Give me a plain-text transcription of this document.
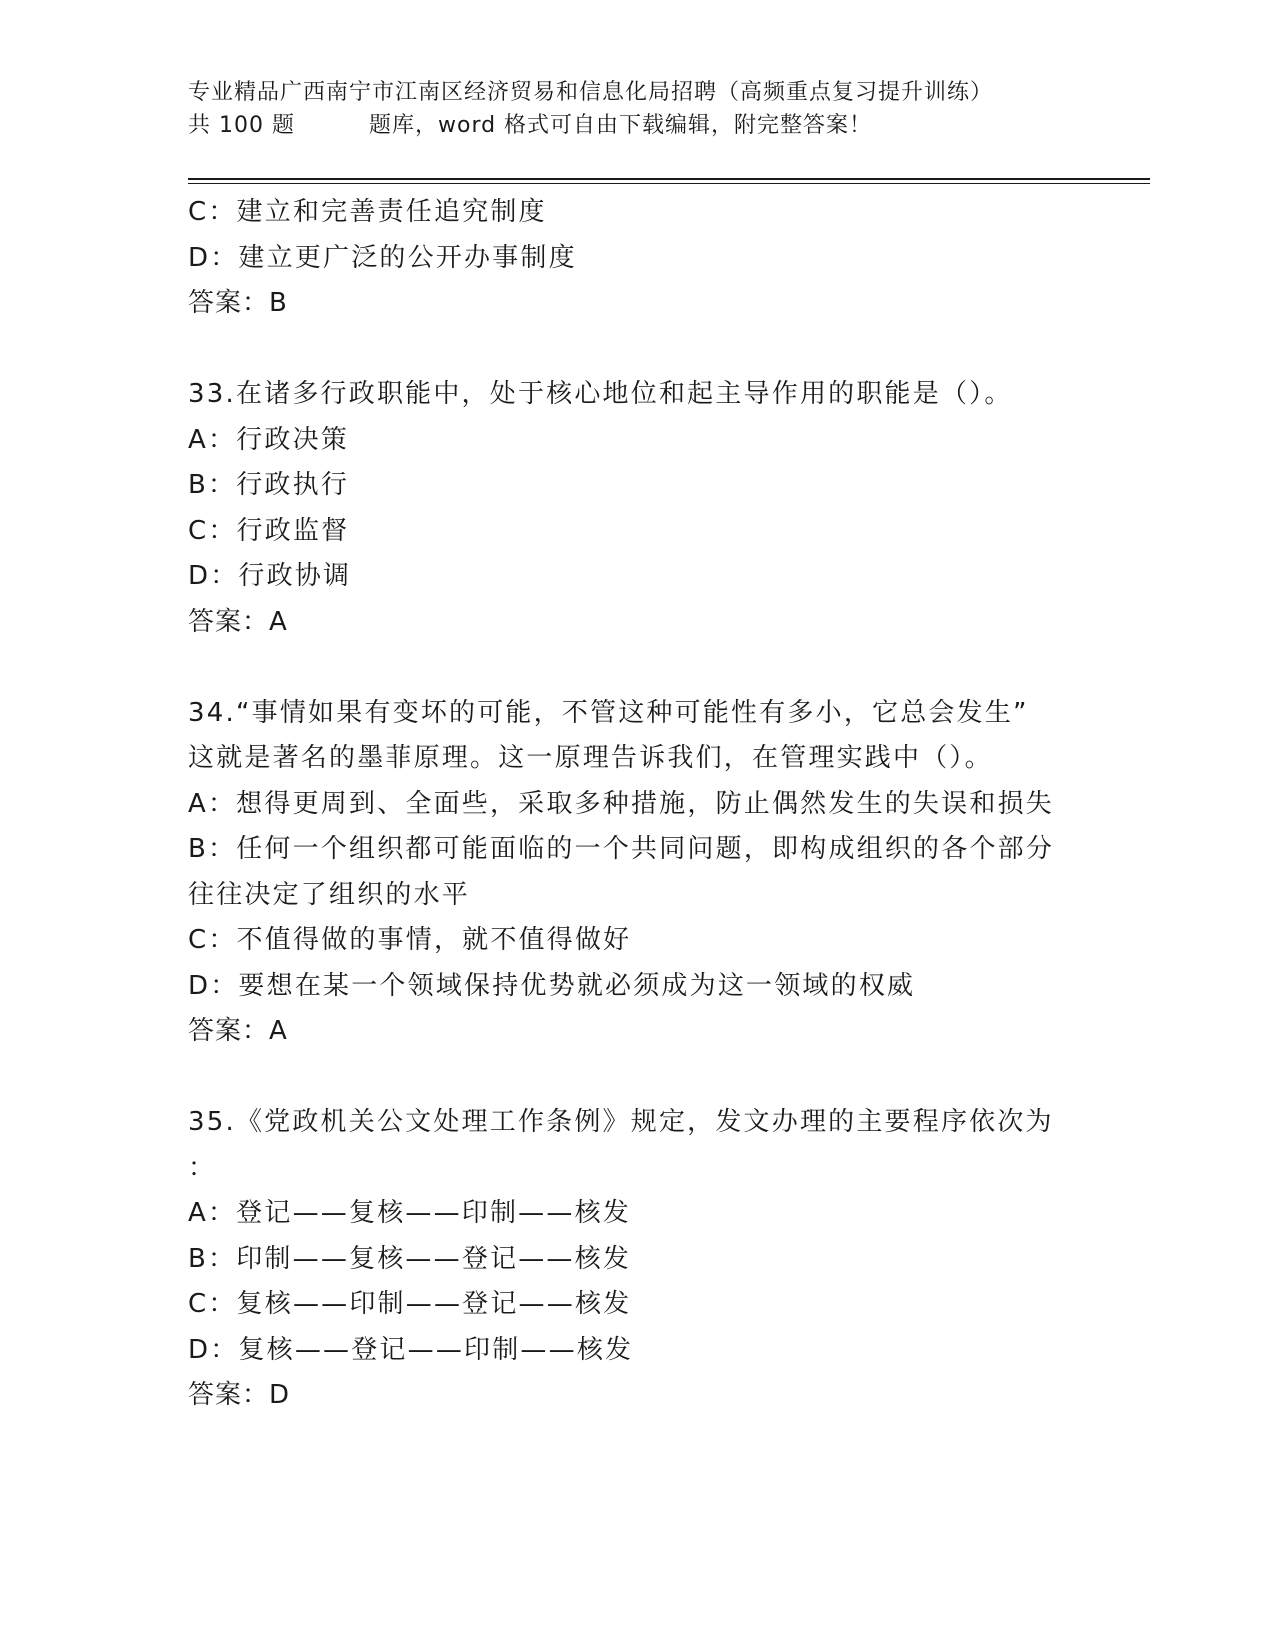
专业精品广西南宁市江南区经济贸易和信息化局招聘（高频重点复习提升训练）
共 100 题	题库，word 格式可自由下载编辑，附完整答案！
C：建立和完善责任追究制度
D：建立更广泛的公开办事制度
答案：B
33.在诸多行政职能中，处于核心地位和起主导作用的职能是（）。
A：行政决策
B：行政执行
C：行政监督
D：行政协调
答案：A
34.“事情如果有变坏的可能，不管这种可能性有多小，它总会发生”
这就是著名的墨菲原理。这一原理告诉我们，在管理实践中（）。
A：想得更周到、全面些，采取多种措施，防止偶然发生的失误和损失
B：任何一个组织都可能面临的一个共同问题，即构成组织的各个部分
往往决定了组织的水平
C：不值得做的事情，就不值得做好
D：要想在某一个领域保持优势就必须成为这一领域的权威
答案：A
35.《党政机关公文处理工作条例》规定，发文办理的主要程序依次为
：
A：登记——复核——印制——核发
B：印制——复核——登记——核发
C：复核——印制——登记——核发
D：复核——登记——印制——核发
答案：D
